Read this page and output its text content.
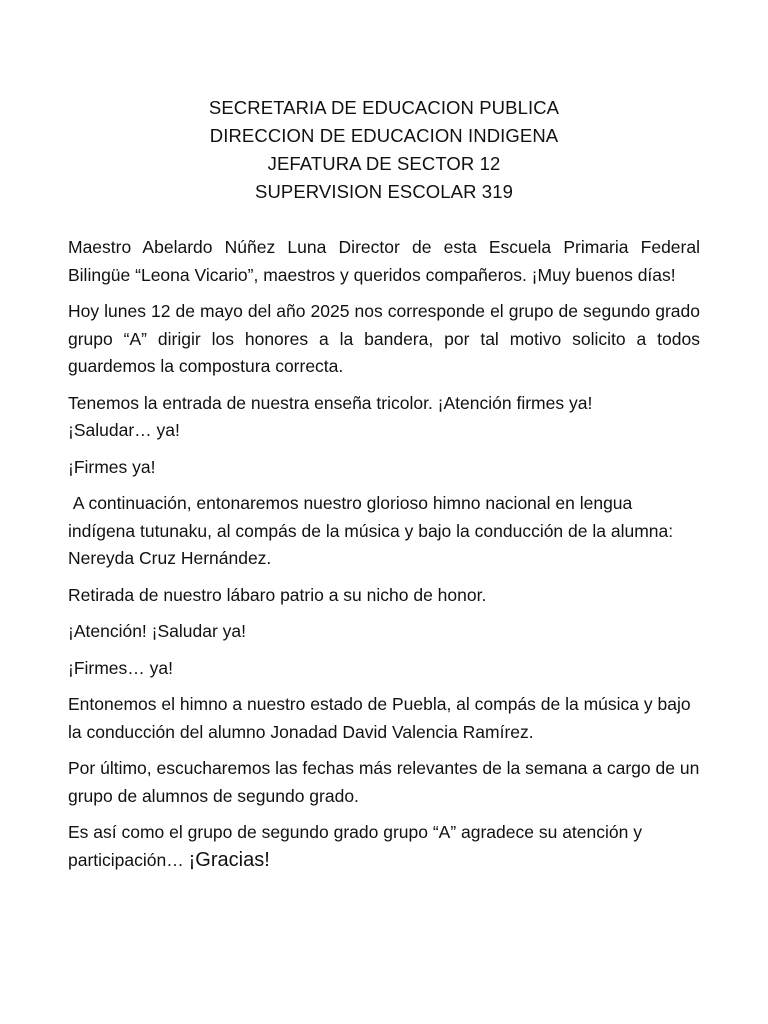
SECRETARIA DE EDUCACION PUBLICA
DIRECCION DE EDUCACION INDIGENA
JEFATURA DE SECTOR 12
SUPERVISION ESCOLAR 319

Maestro Abelardo Núñez Luna Director de esta Escuela Primaria Federal Bilingüe “Leona Vicario”, maestros y queridos compañeros. ¡Muy buenos días!

Hoy lunes 12 de mayo del año 2025 nos corresponde el grupo de segundo grado grupo “A” dirigir los honores a la bandera, por tal motivo solicito a todos guardemos la compostura correcta.

Tenemos la entrada de nuestra enseña tricolor. ¡Atención firmes ya!
¡Saludar… ya!

¡Firmes ya!

A continuación, entonaremos nuestro glorioso himno nacional en lengua indígena tutunaku, al compás de la música y bajo la conducción de la alumna: Nereyda Cruz Hernández.

Retirada de nuestro lábaro patrio a su nicho de honor.

¡Atención! ¡Saludar ya!

¡Firmes… ya!

Entonemos el himno a nuestro estado de Puebla, al compás de la música y bajo la conducción del alumno Jonadad David Valencia Ramírez.

Por último, escucharemos las fechas más relevantes de la semana a cargo de un grupo de alumnos de segundo grado.

Es así como el grupo de segundo grado grupo “A” agradece su atención y participación… ¡Gracias!
